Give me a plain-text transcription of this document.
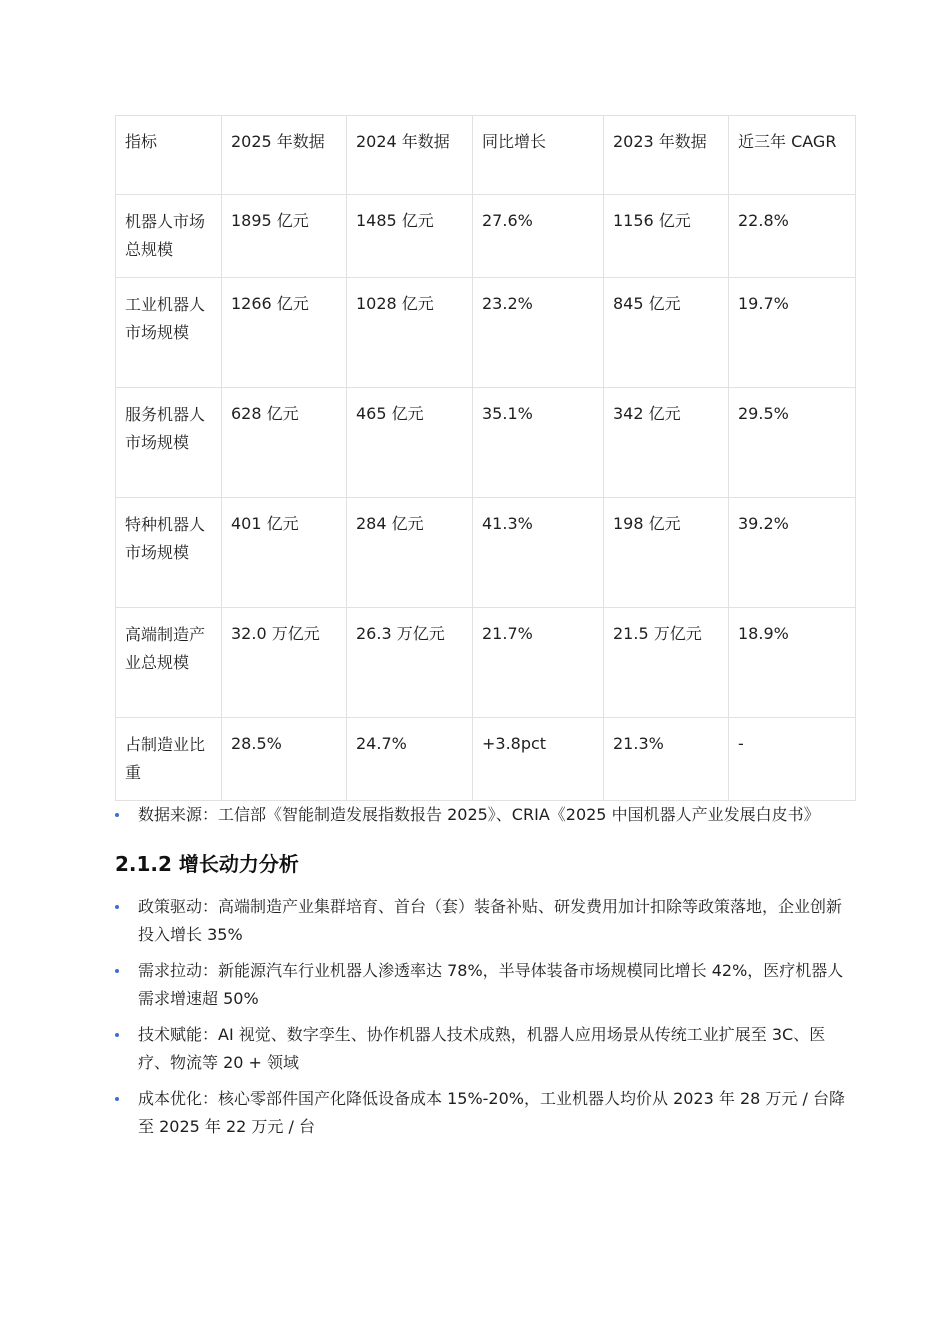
指标	2025 年数据	2024 年数据	同比增长	2023 年数据	近三年 CAGR
机器人市场总规模	1895 亿元	1485 亿元	27.6%	1156 亿元	22.8%

工业机器人市场规模	1266 亿元	1028 亿元	23.2%	845 亿元	19.7%

服务机器人市场规模	628 亿元	465 亿元	35.1%	342 亿元	29.5%

特种机器人市场规模	401 亿元	284 亿元	41.3%	198 亿元	39.2%

高端制造产业总规模	32.0 万亿元	26.3 万亿元	21.7%	21.5 万亿元	18.9%

占制造业比重	28.5%	24.7%	+3.8pct	21.3%	-
数据来源：工信部《智能制造发展指数报告 2025》、CRIA《2025 中国机器人产业发展白皮书》
2.1.2 增长动力分析
政策驱动：高端制造产业集群培育、首台（套）装备补贴、研发费用加计扣除等政策落地，企业创新投入增长 35%
需求拉动：新能源汽车行业机器人渗透率达 78%，半导体装备市场规模同比增长 42%，医疗机器人需求增速超 50%
技术赋能：AI 视觉、数字孪生、协作机器人技术成熟，机器人应用场景从传统工业扩展至 3C、医疗、物流等 20 + 领域
成本优化：核心零部件国产化降低设备成本 15%-20%，工业机器人均价从 2023 年 28 万元 / 台降至 2025 年 22 万元 / 台
